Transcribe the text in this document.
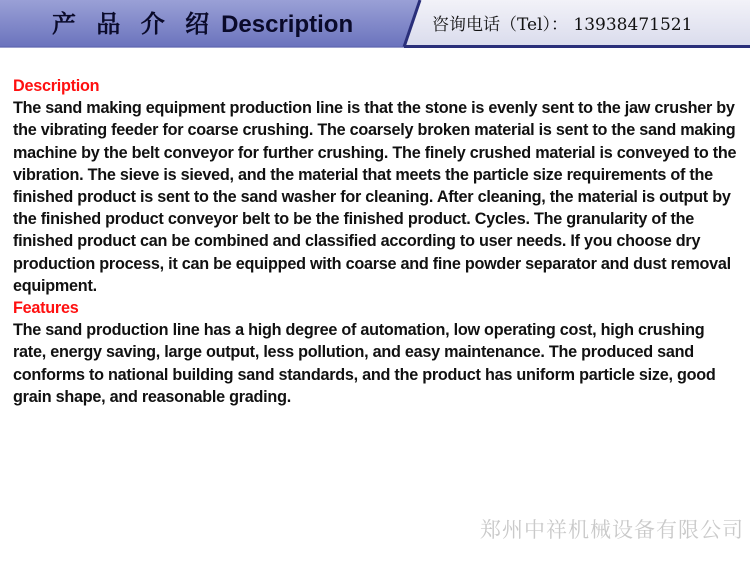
产 品 介 绍 Description	咨询电话（Tel）： 13938471521
Description

The sand making equipment production line is that the stone is evenly sent to the jaw crusher by the vibrating feeder for coarse crushing. The coarsely broken material is sent to the sand making machine by the belt conveyor for further crushing. The finely crushed material is conveyed to the vibration. The sieve is sieved, and the material that meets the particle size requirements of the finished product is sent to the sand washer for cleaning. After cleaning, the material is output by the finished product conveyor belt to be the finished product. Cycles. The granularity of the finished product can be combined and classified according to user needs. If you choose dry production process, it can be equipped with coarse and fine powder separator and dust removal equipment.

Features

The sand production line has a high degree of automation, low operating cost, high crushing rate, energy saving, large output, less pollution, and easy maintenance. The produced sand conforms to national building sand standards, and the product has uniform particle size, good grain shape, and reasonable grading.

郑州中祥机械设备有限公司
